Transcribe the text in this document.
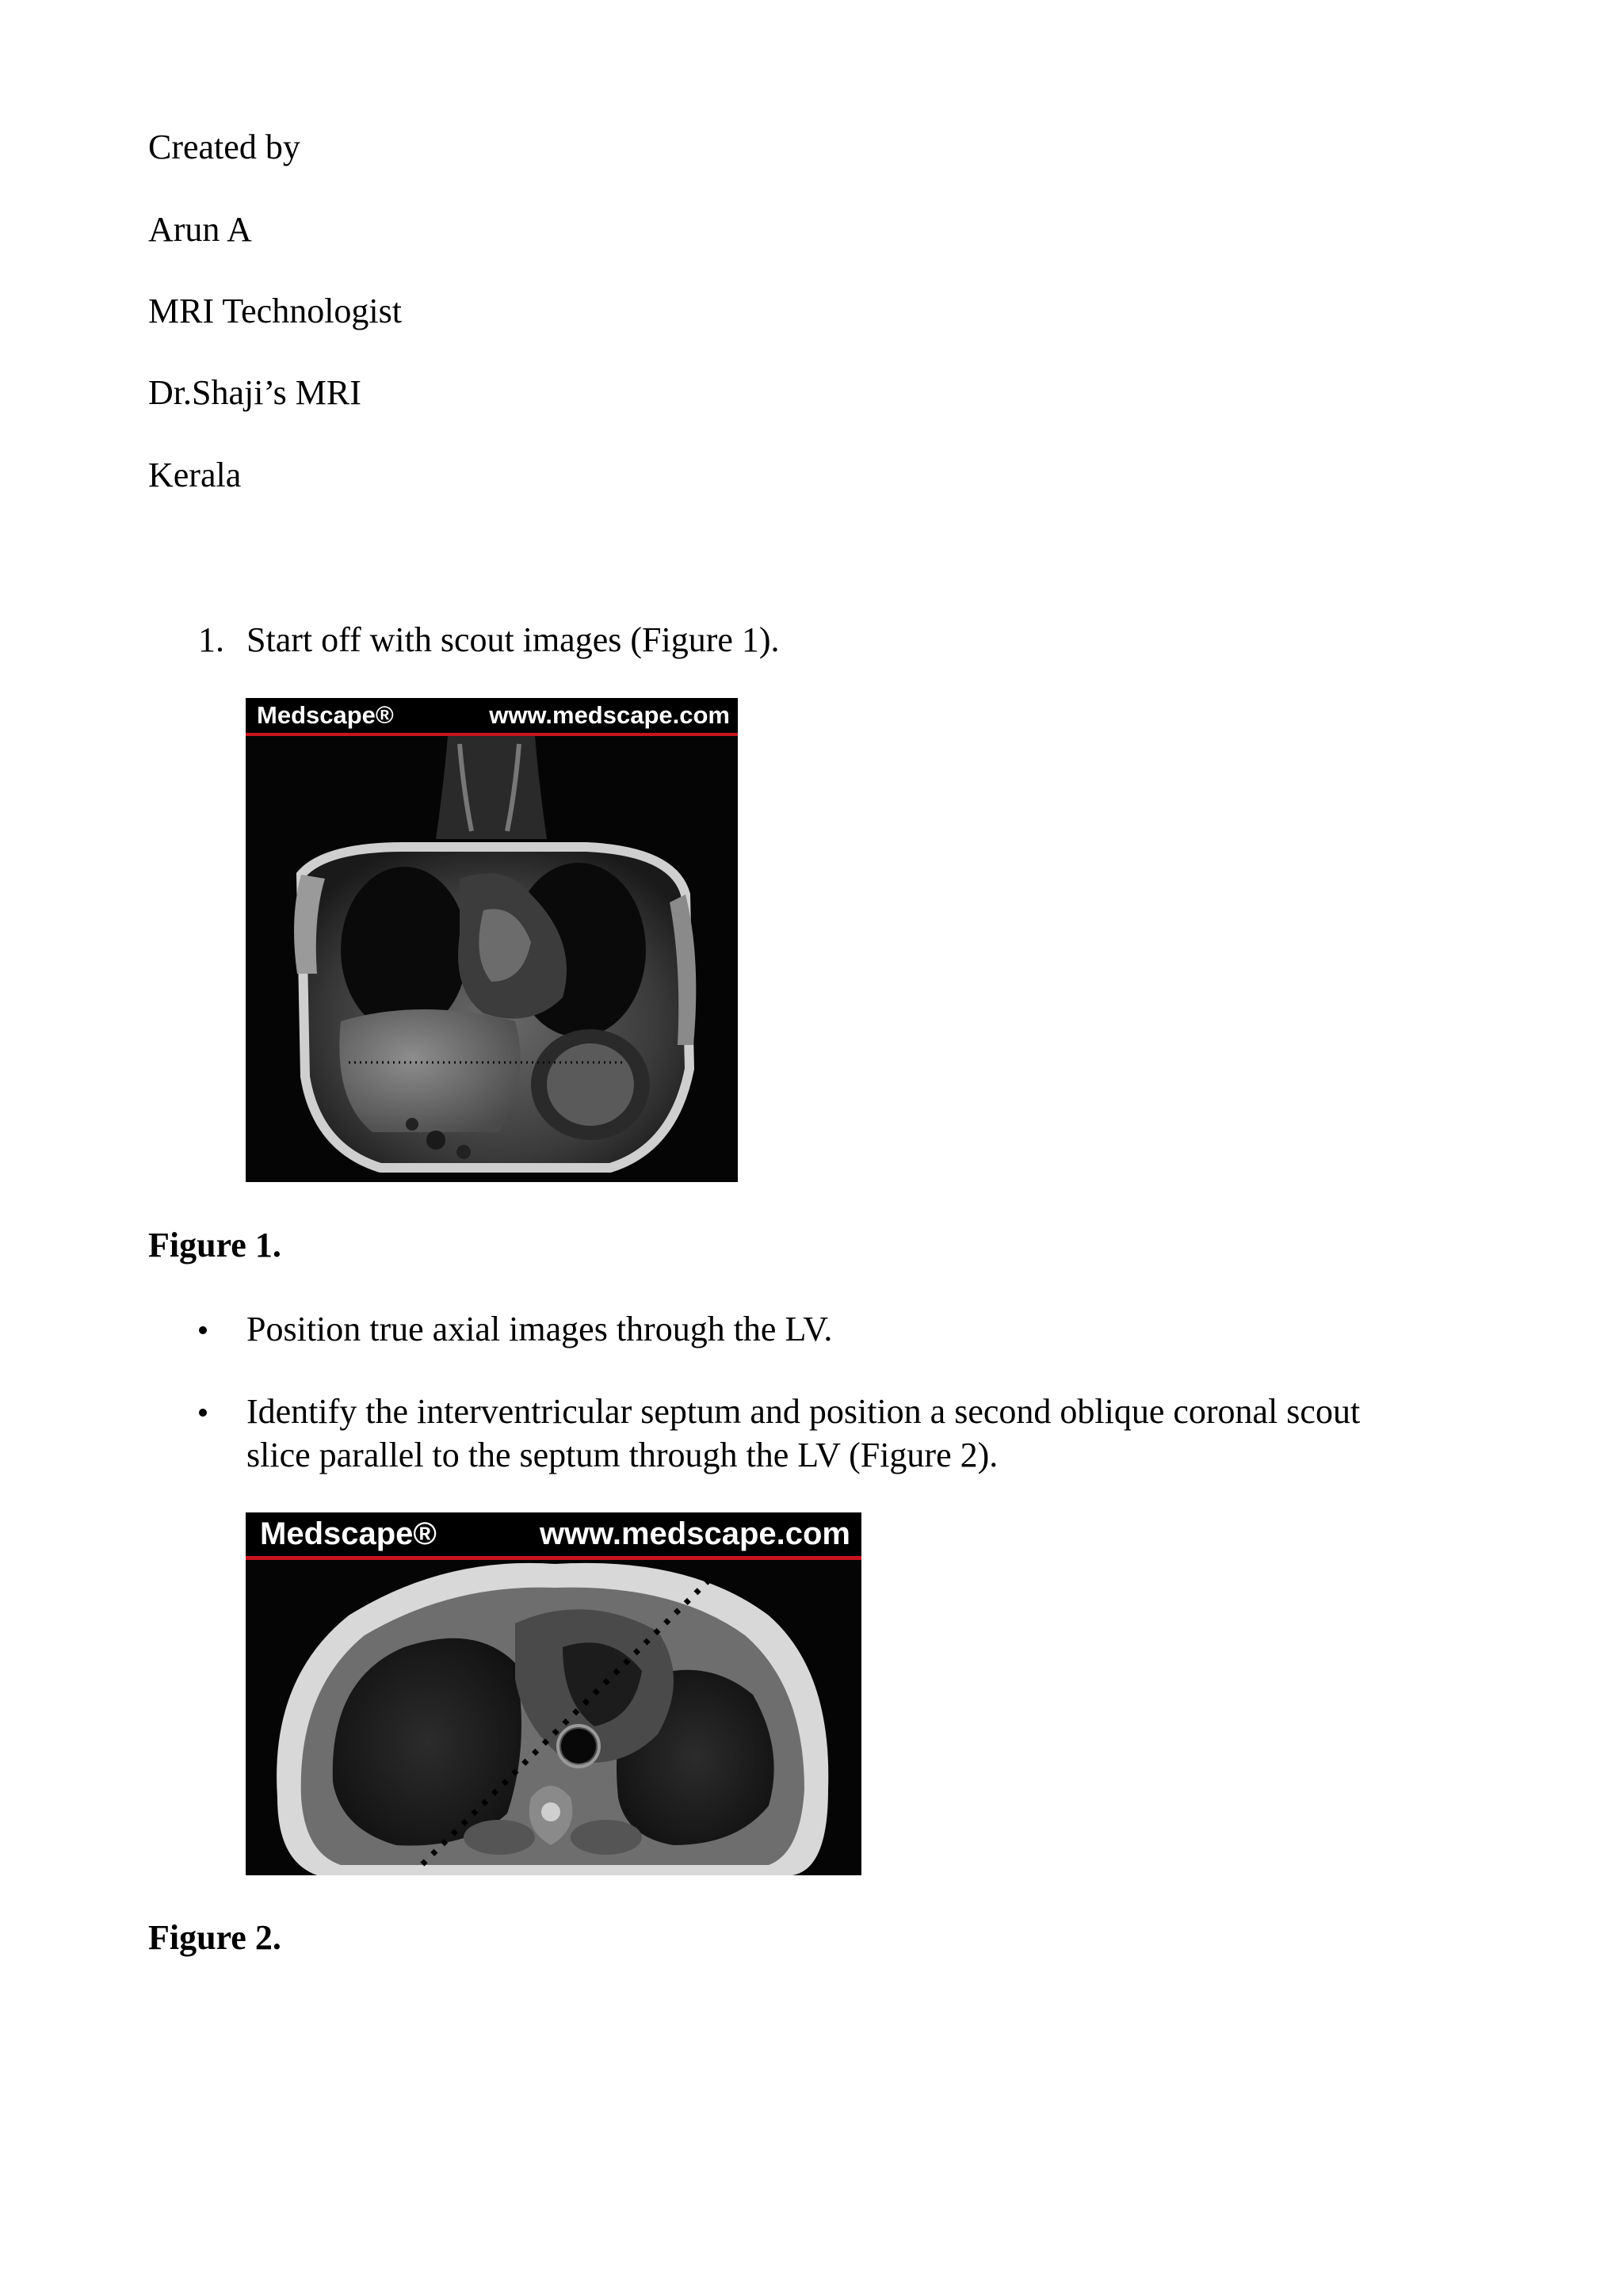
Created by
Arun A
MRI Technologist
Dr.Shaji’s MRI
Kerala
1. Start off with scout images (Figure 1).
Medscape®	www.medscape.com
Figure 1.
Position true axial images through the LV.
Identify the interventricular septum and position a second oblique coronal scout
slice parallel to the septum through the LV (Figure 2).
Medscape®	www.medscape.com
Figure 2.
